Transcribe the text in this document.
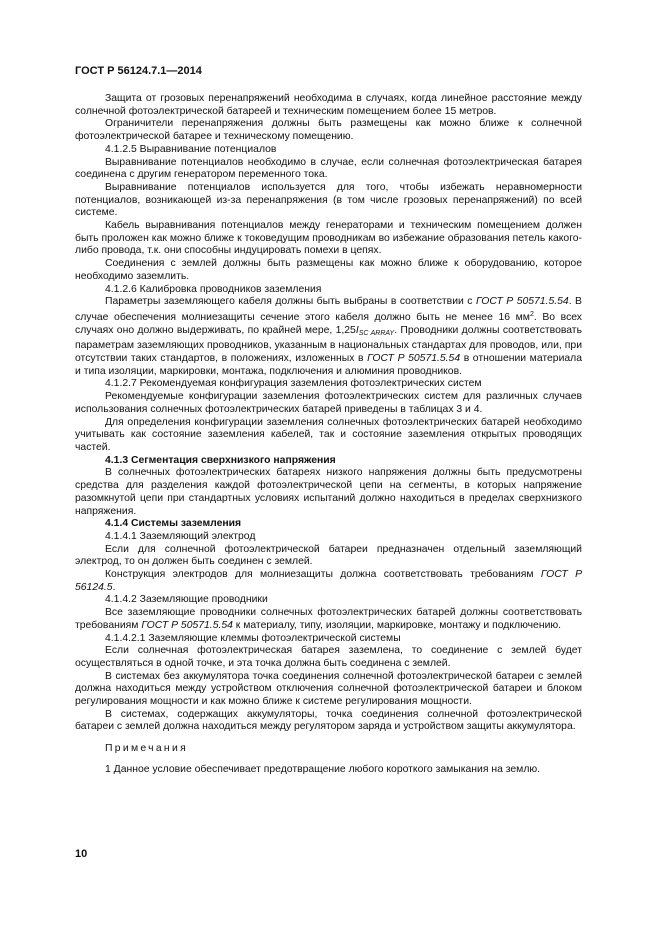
ГОСТ Р 56124.7.1—2014

Защита от грозовых перенапряжений необходима в случаях, когда линейное расстояние между солнечной фотоэлектрической батареей и техническим помещением более 15 метров.

Ограничители перенапряжения должны быть размещены как можно ближе к солнечной фотоэлектрической батарее и техническому помещению.

4.1.2.5 Выравнивание потенциалов

Выравнивание потенциалов необходимо в случае, если солнечная фотоэлектрическая батарея соединена с другим генератором переменного тока.

Выравнивание потенциалов используется для того, чтобы избежать неравномерности потенциалов, возникающей из-за перенапряжения (в том числе грозовых перенапряжений) по всей системе.

Кабель выравнивания потенциалов между генераторами и техническим помещением должен быть проложен как можно ближе к токоведущим проводникам во избежание образования петель какого-либо провода, т.к. они способны индуцировать помехи в цепях.

Соединения с землей должны быть размещены как можно ближе к оборудованию, которое необходимо заземлить.

4.1.2.6 Калибровка проводников заземления

Параметры заземляющего кабеля должны быть выбраны в соответствии с ГОСТ Р 50571.5.54. В случае обеспечения молниезащиты сечение этого кабеля должно быть не менее 16 $мм^2$. Во всех случаях оно должно выдерживать, по крайней мере, $1,25I_{SC ARRAY}$. Проводники должны соответствовать параметрам заземляющих проводников, указанным в национальных стандартах для проводов, или, при отсутствии таких стандартов, в положениях, изложенных в ГОСТ Р 50571.5.54 в отношении материала и типа изоляции, маркировки, монтажа, подключения и алюминия проводников.

4.1.2.7 Рекомендуемая конфигурация заземления фотоэлектрических систем

Рекомендуемые конфигурации заземления фотоэлектрических систем для различных случаев использования солнечных фотоэлектрических батарей приведены в таблицах 3 и 4.

Для определения конфигурации заземления солнечных фотоэлектрических батарей необходимо учитывать как состояние заземления кабелей, так и состояние заземления открытых проводящих частей.

4.1.3 Сегментация сверхнизкого напряжения

В солнечных фотоэлектрических батареях низкого напряжения должны быть предусмотрены средства для разделения каждой фотоэлектрической цепи на сегменты, в которых напряжение разомкнутой цепи при стандартных условиях испытаний должно находиться в пределах сверхнизкого напряжения.

4.1.4 Системы заземления

4.1.4.1 Заземляющий электрод

Если для солнечной фотоэлектрической батареи предназначен отдельный заземляющий электрод, то он должен быть соединен с землей.

Конструкция электродов для молниезащиты должна соответствовать требованиям ГОСТ Р 56124.5.

4.1.4.2 Заземляющие проводники

Все заземляющие проводники солнечных фотоэлектрических батарей должны соответствовать требованиям ГОСТ Р 50571.5.54 к материалу, типу, изоляции, маркировке, монтажу и подключению.

4.1.4.2.1 Заземляющие клеммы фотоэлектрической системы

Если солнечная фотоэлектрическая батарея заземлена, то соединение с землей будет осуществляться в одной точке, и эта точка должна быть соединена с землей.

В системах без аккумулятора точка соединения солнечной фотоэлектрической батареи с землей должна находиться между устройством отключения солнечной фотоэлектрической батареи и блоком регулирования мощности и как можно ближе к системе регулирования мощности.

В системах, содержащих аккумуляторы, точка соединения солнечной фотоэлектрической батареи с землей должна находиться между регулятором заряда и устройством защиты аккумулятора.

Примечания

1 Данное условие обеспечивает предотвращение любого короткого замыкания на землю.

10
